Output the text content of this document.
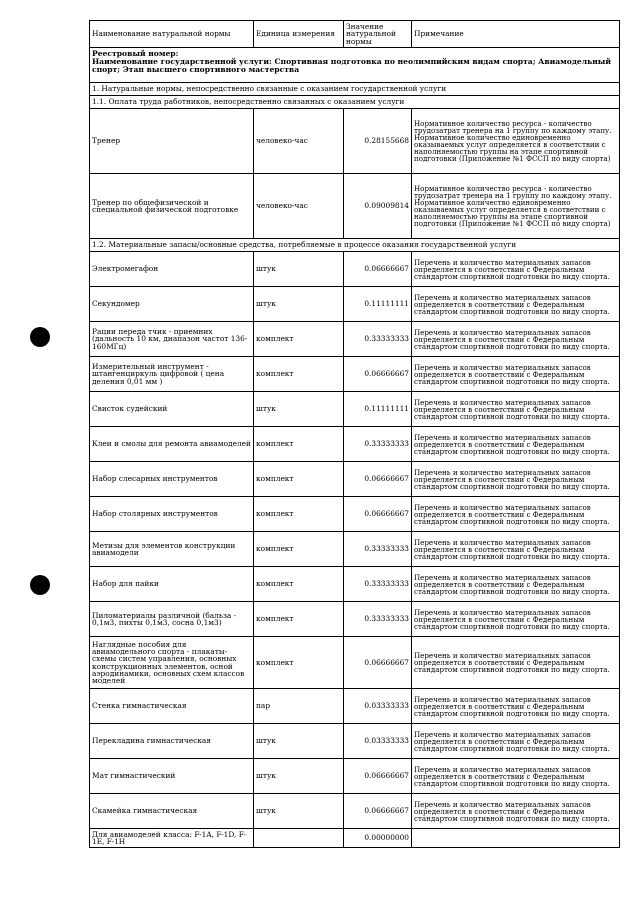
Наименование натуральной нормы	Единица измерения	Значение натуральной нормы	Примечание

Реестровый номер:
Наименование государственной услуги: Спортивная подготовка по неолимпийским видам спорта; Авиамодельный спорт; Этап высшего спортивного мастерства			

1. Натуральные нормы, непосредственно связанные с оказанием государственной услуги			
1.1. Оплата труда работников, непосредственно связанных с оказанием услуги			
Тренер	человеко-час	0.28155668	Нормативное количество ресурса - количество трудозатрат тренера на 1 группу по каждому этапу. Нормативное количество единовременно оказываемых услуг определяется в соответствии с наполняемостью группы на этапе спортивной подготовки (Приложение №1 ФССП по виду спорта)
Тренер по общефизической и специальной физической подготовке	человеко-час	0.09009814	Нормативное количество ресурса - количество трудозатрат тренера на 1 группу по каждому этапу. Нормативное количество единовременно оказываемых услуг определяется в соответствии с наполняемостью группы на этапе спортивной подготовки (Приложение №1 ФССП по виду спорта)
1.2. Материальные запасы/основные средства, потребляемые в процессе оказания государственной услуги			
Электромегафон	штук	0.06666667	Перечень и количество материальных запасов определяется в соответствии с Федеральным стандартом спортивной подготовки по виду спорта.
Секундомер	штук	0.11111111	Перечень и количество материальных запасов определяется в соответствии с Федеральным стандартом спортивной подготовки по виду спорта.
Рации переда тчик - приемних (дальность 10 км, диапазон частот 136-160МГц)	комплект	0.33333333	Перечень и количество материальных запасов определяется в соответствии с Федеральным стандартом спортивной подготовки по виду спорта.
Измерительный инструмент - штангенциркуль цифровой ( цена деления 0,01 мм )	комплект	0.06666667	Перечень и количество материальных запасов определяется в соответствии с Федеральным стандартом спортивной подготовки по виду спорта.
Свисток судейский	штук	0.11111111	Перечень и количество материальных запасов определяется в соответствии с Федеральным стандартом спортивной подготовки по виду спорта.
Клеи и смолы для ремонта авиамоделей	комплект	0.33333333	Перечень и количество материальных запасов определяется в соответствии с Федеральным стандартом спортивной подготовки по виду спорта.
Набор слесарных инструментов	комплект	0.06666667	Перечень и количество материальных запасов определяется в соответствии с Федеральным стандартом спортивной подготовки по виду спорта.
Набор столярных инструментов	комплект	0.06666667	Перечень и количество материальных запасов определяется в соответствии с Федеральным стандартом спортивной подготовки по виду спорта.
Метизы для элементов конструкции авиамодели	комплект	0.33333333	Перечень и количество материальных запасов определяется в соответствии с Федеральным стандартом спортивной подготовки по виду спорта.
Набор для пайки	комплект	0.33333333	Перечень и количество материальных запасов определяется в соответствии с Федеральным стандартом спортивной подготовки по виду спорта.
Пиломатериалы различной (бальза - 0,1м3, пихты 0,1м3, сосна 0,1м3)	комплект	0.33333333	Перечень и количество материальных запасов определяется в соответствии с Федеральным стандартом спортивной подготовки по виду спорта.
Наглядные пособия для авиамодельного спорта - плакаты-схемы систем управления, основных конструкционных элементов, осной аэродинамики, основных схем классов моделей	комплект	0.06666667	Перечень и количество материальных запасов определяется в соответствии с Федеральным стандартом спортивной подготовки по виду спорта.
Стенка гимнастическая	пар	0.03333333	Перечень и количество материальных запасов определяется в соответствии с Федеральным стандартом спортивной подготовки по виду спорта.
Перекладина гимнастическая	штук	0.03333333	Перечень и количество материальных запасов определяется в соответствии с Федеральным стандартом спортивной подготовки по виду спорта.
Мат гимнастический	штук	0.06666667	Перечень и количество материальных запасов определяется в соответствии с Федеральным стандартом спортивной подготовки по виду спорта.
Скамейка гимнастическая	штук	0.06666667	Перечень и количество материальных запасов определяется в соответствии с Федеральным стандартом спортивной подготовки по виду спорта.
Для авиамоделей класса: F-1A, F-1D, F-1E, F-1H		0.00000000	
